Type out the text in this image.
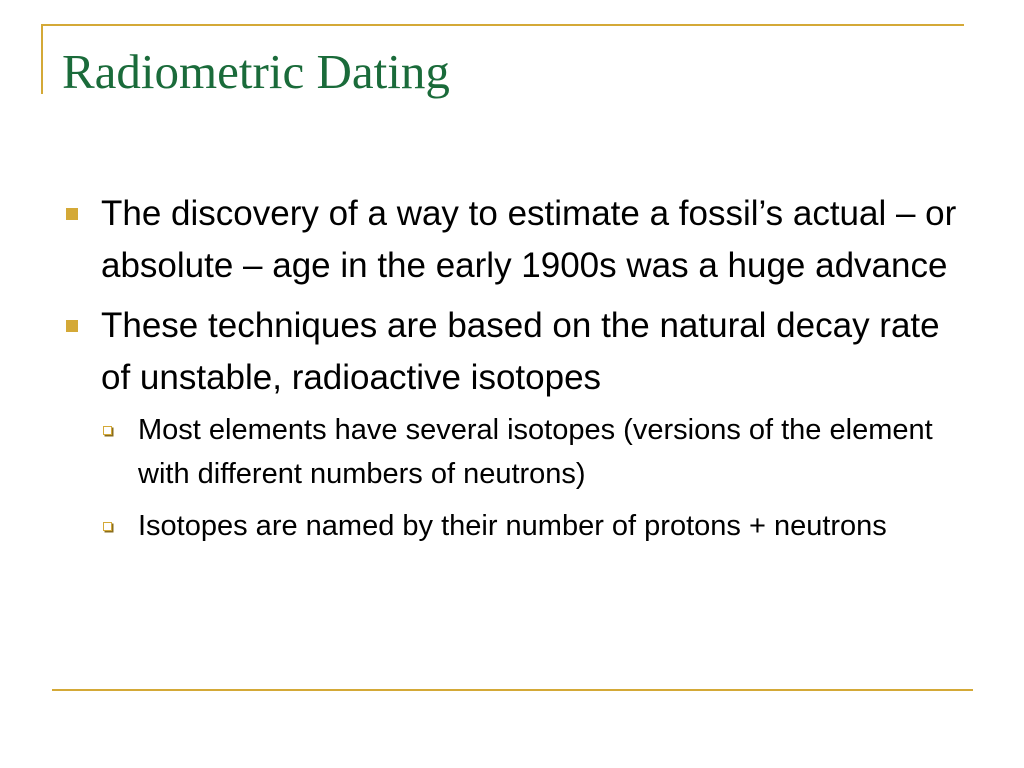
Radiometric Dating
The discovery of a way to estimate a fossil’s actual – or absolute – age in the early 1900s was a huge advance
These techniques are based on the natural decay rate of unstable, radioactive isotopes
Most elements have several isotopes (versions of the element with different numbers of neutrons)
Isotopes are named by their number of protons + neutrons
